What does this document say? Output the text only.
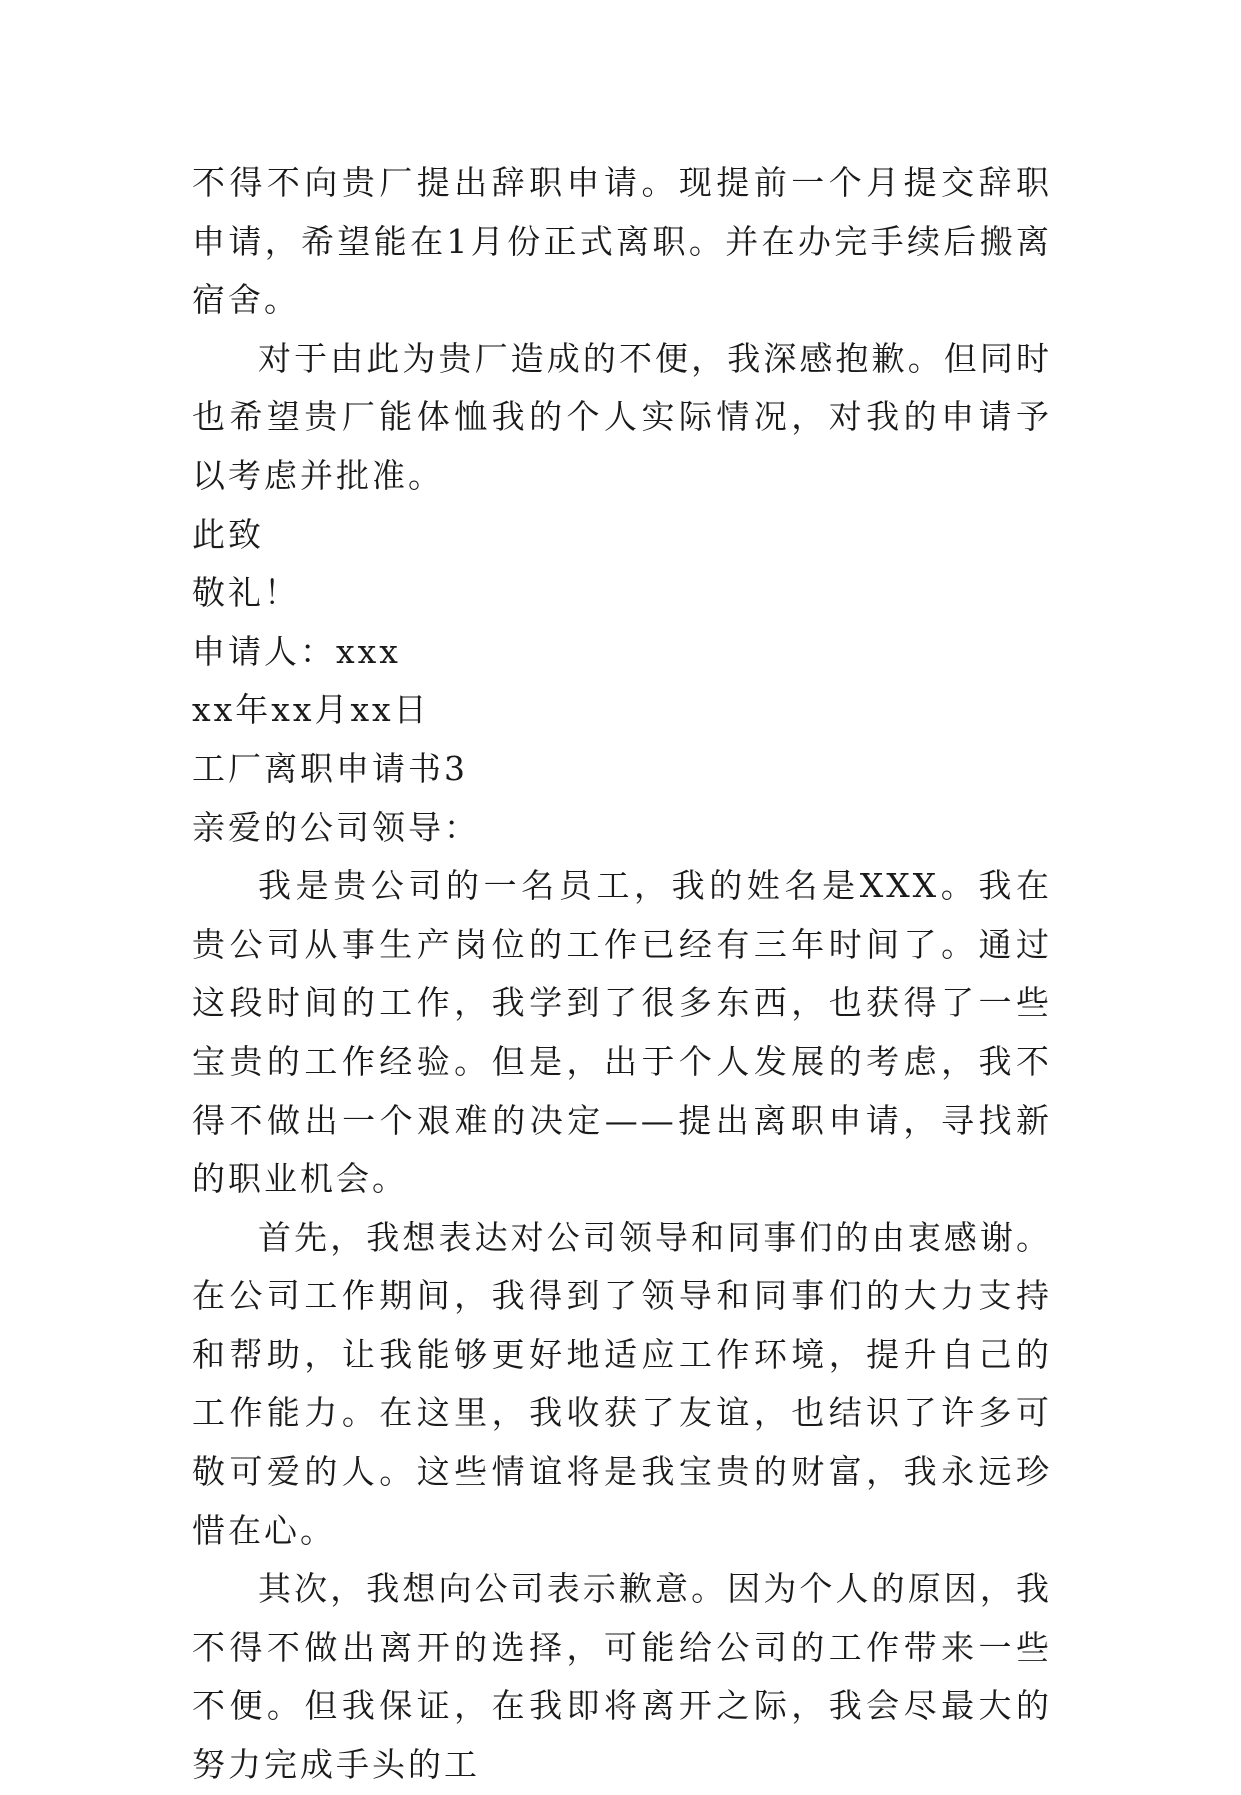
不得不向贵厂提出辞职申请。现提前一个月提交辞职申请，希望能在1月份正式离职。并在办完手续后搬离宿舍。

对于由此为贵厂造成的不便，我深感抱歉。但同时也希望贵厂能体恤我的个人实际情况，对我的申请予以考虑并批准。

此致

敬礼！

申请人：xxx

xx年xx月xx日

工厂离职申请书3

亲爱的公司领导：

我是贵公司的一名员工，我的姓名是XXX。我在贵公司从事生产岗位的工作已经有三年时间了。通过这段时间的工作，我学到了很多东西，也获得了一些宝贵的工作经验。但是，出于个人发展的考虑，我不得不做出一个艰难的决定——提出离职申请，寻找新的职业机会。

首先，我想表达对公司领导和同事们的由衷感谢。在公司工作期间，我得到了领导和同事们的大力支持和帮助，让我能够更好地适应工作环境，提升自己的工作能力。在这里，我收获了友谊，也结识了许多可敬可爱的人。这些情谊将是我宝贵的财富，我永远珍惜在心。

其次，我想向公司表示歉意。因为个人的原因，我不得不做出离开的选择，可能给公司的工作带来一些不便。但我保证，在我即将离开之际，我会尽最大的努力完成手头的工
